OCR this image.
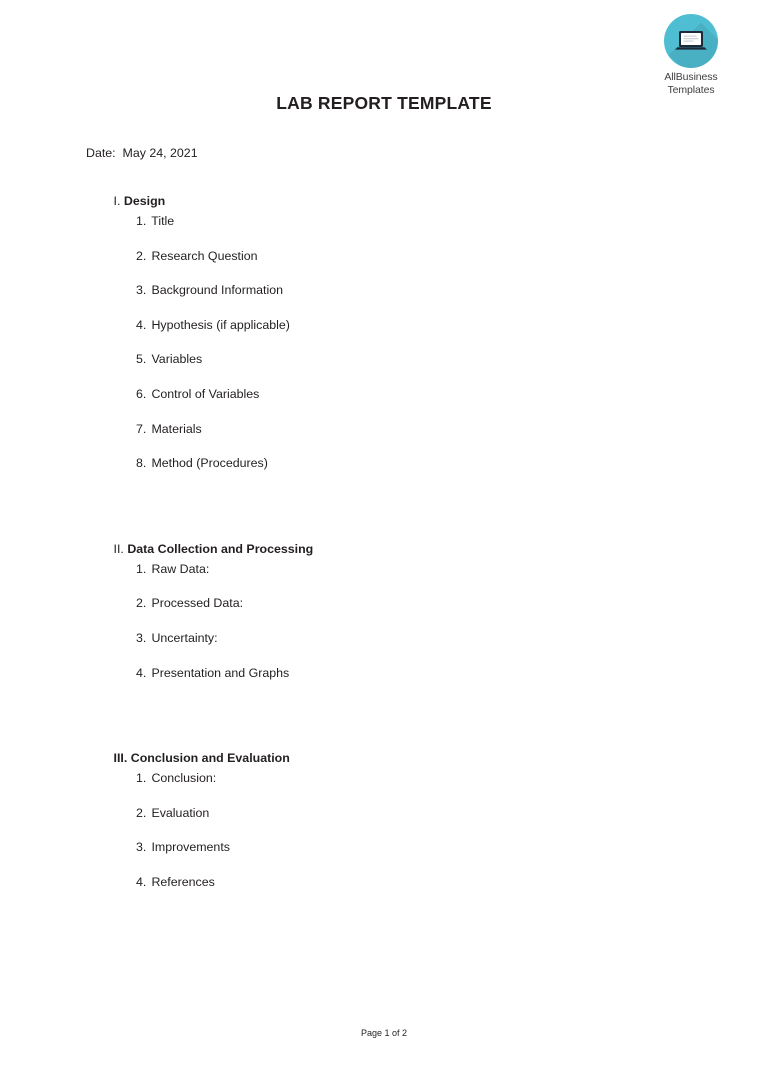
AllBusiness
Templates
LAB REPORT TEMPLATE
Date:  May 24, 2021

I. Design

1. Title
2. Research Question
3. Background Information
4. Hypothesis (if applicable)
5. Variables
6. Control of Variables
7. Materials
8. Method (Procedures)

II. Data Collection and Processing

1. Raw Data:
2. Processed Data:
3. Uncertainty:
4. Presentation and Graphs

III. Conclusion and Evaluation

1. Conclusion:
2. Evaluation
3. Improvements
4. References
Page 1 of 2
